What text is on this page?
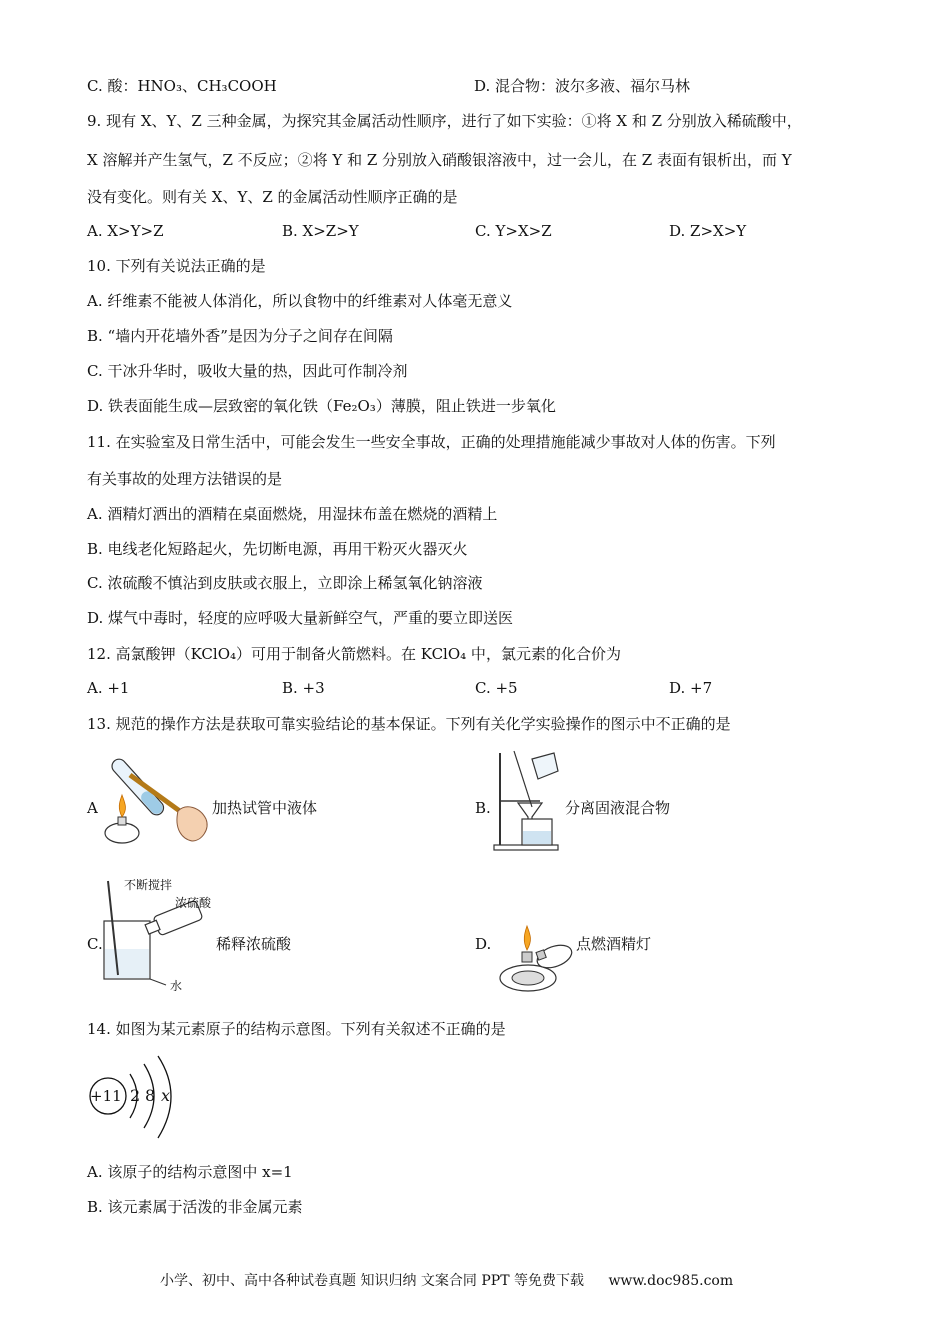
C. 酸：HNO₃、CH₃COOH	D. 混合物：波尔多液、福尔马林
9. 现有 X、Y、Z 三种金属，为探究其金属活动性顺序，进行了如下实验：①将 X 和 Z 分别放入稀硫酸中，
X 溶解并产生氢气，Z 不反应；②将 Y 和 Z 分别放入硝酸银溶液中，过一会儿，在 Z 表面有银析出，而 Y
没有变化。则有关 X、Y、Z 的金属活动性顺序正确的是
A. X>Y>Z	B. X>Z>Y	C. Y>X>Z	D. Z>X>Y
10. 下列有关说法正确的是
A. 纤维素不能被人体消化，所以食物中的纤维素对人体毫无意义
B. “墙内开花墙外香”是因为分子之间存在间隔
C. 干冰升华时，吸收大量的热，因此可作制冷剂
D. 铁表面能生成—层致密的氧化铁（Fe₂O₃）薄膜，阻止铁进一步氧化
11. 在实验室及日常生活中，可能会发生一些安全事故，正确的处理措施能减少事故对人体的伤害。下列
有关事故的处理方法错误的是
A. 酒精灯洒出的酒精在桌面燃烧，用湿抹布盖在燃烧的酒精上
B. 电线老化短路起火，先切断电源，再用干粉灭火器灭火
C. 浓硫酸不慎沾到皮肤或衣服上，立即涂上稀氢氧化钠溶液
D. 煤气中毒时，轻度的应呼吸大量新鲜空气，严重的要立即送医
12. 高氯酸钾（KClO₄）可用于制备火箭燃料。在 KClO₄ 中，氯元素的化合价为
A. +1	B. +3	C. +5	D. +7
13. 规范的操作方法是获取可靠实验结论的基本保证。下列有关化学实验操作的图示中不正确的是
A	加热试管中液体	B.	分离固液混合物
C.
不断搅拌
浓硫酸
水
稀释浓硫酸	D.	点燃酒精灯
14. 如图为某元素原子的结构示意图。下列有关叙述不正确的是
+11 2 8 x
A. 该原子的结构示意图中 x=1
B. 该元素属于活泼的非金属元素
小学、初中、高中各种试卷真题 知识归纳 文案合同 PPT 等免费下载 www.doc985.com
